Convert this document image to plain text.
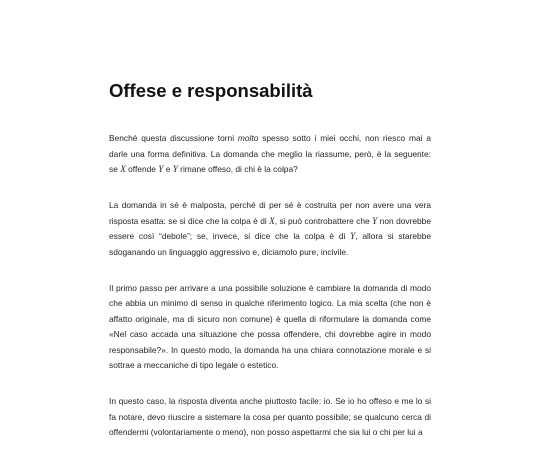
Offese e responsabilità

Benché questa discussione torni molto spesso sotto i miei occhi, non riesco mai a darle una forma definitiva. La domanda che meglio la riassume, però, è la seguente: se X offende Y e Y rimane offeso, di chi è la colpa?

La domanda in sé è malposta, perché di per sé è costruita per non avere una vera risposta esatta: se si dice che la colpa è di X, si può controbattere che Y non dovrebbe essere così “debole”; se, invece, si dice che la colpa è di Y, allora si starebbe sdoganando un linguaggio aggressivo e, diciamolo pure, incivile.

Il primo passo per arrivare a una possibile soluzione è cambiare la domanda di modo che abbia un minimo di senso in qualche riferimento logico. La mia scelta (che non è affatto originale, ma di sicuro non comune) è quella di riformulare la domanda come «Nel caso accada una situazione che possa offendere, chi dovrebbe agire in modo responsabile?». In questo modo, la domanda ha una chiara connotazione morale e si sottrae a meccaniche di tipo legale o estetico.

In questo caso, la risposta diventa anche piuttosto facile: io. Se io ho offeso e me lo si fa notare, devo riuscire a sistemare la cosa per quanto possibile; se qualcuno cerca di offendermi (volontariamente o meno), non posso aspettarmi che sia lui o chi per lui a
